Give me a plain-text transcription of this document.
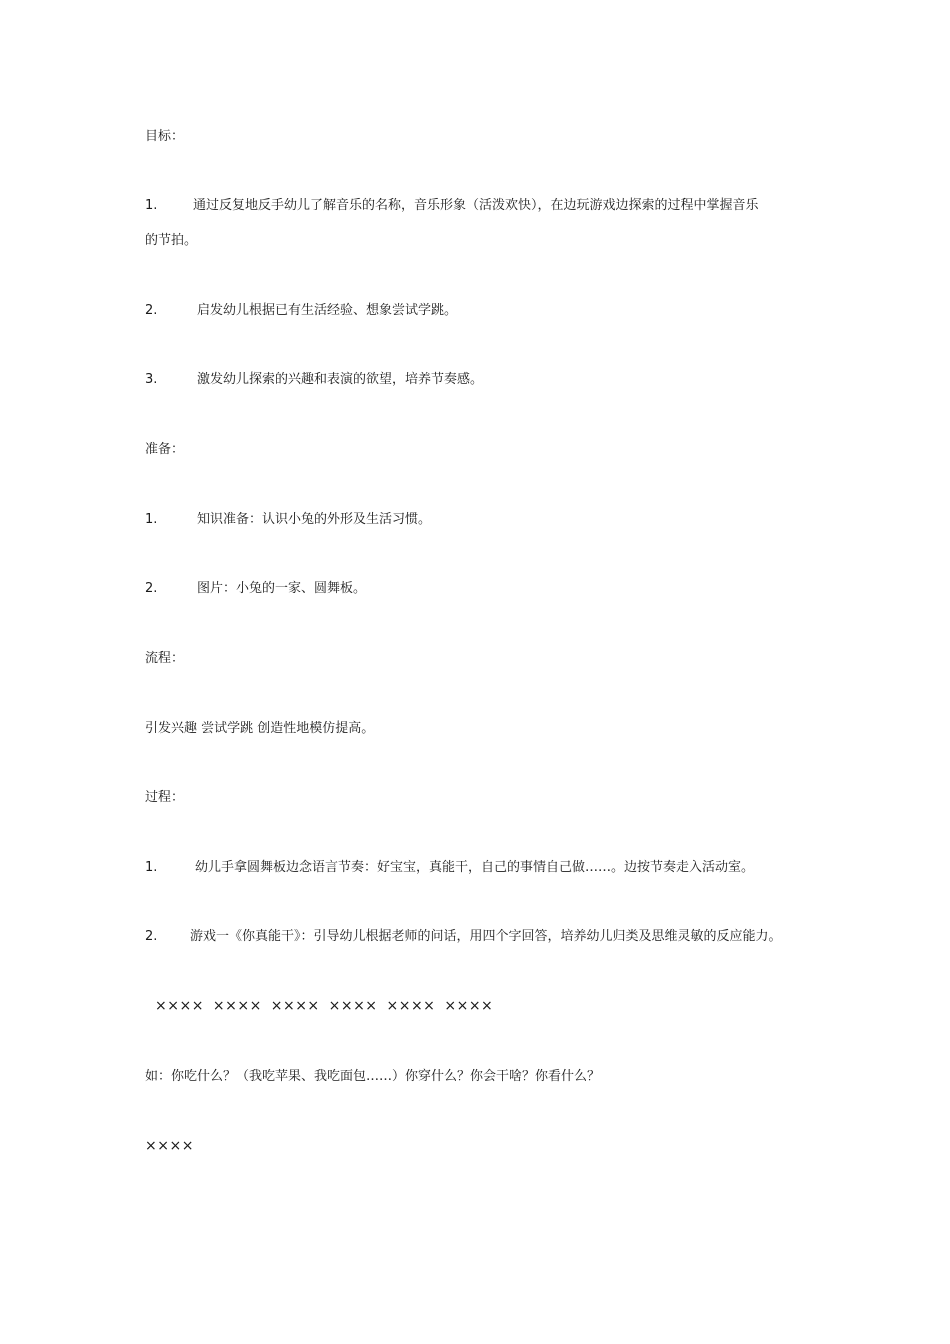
目标：
1.	通过反复地反手幼儿了解音乐的名称，音乐形象（活泼欢快），在边玩游戏边探索的过程中掌握音乐
的节拍。
2.	启发幼儿根据已有生活经验、想象尝试学跳。
3.	激发幼儿探索的兴趣和表演的欲望，培养节奏感。
准备：
1.	知识准备：认识小兔的外形及生活习惯。
2.	图片：小兔的一家、圆舞板。
流程：
引发兴趣 尝试学跳 创造性地模仿提高。
过程：
1.	幼儿手拿圆舞板边念语言节奏：好宝宝，真能干，自己的事情自己做……。边按节奏走入活动室。
2.	游戏一《你真能干》：引导幼儿根据老师的问话，用四个字回答，培养幼儿归类及思维灵敏的反应能力。
×××× ×××× ×××× ×××× ×××× ××××
如：你吃什么？（我吃苹果、我吃面包……）你穿什么？你会干啥？你看什么？
××××
